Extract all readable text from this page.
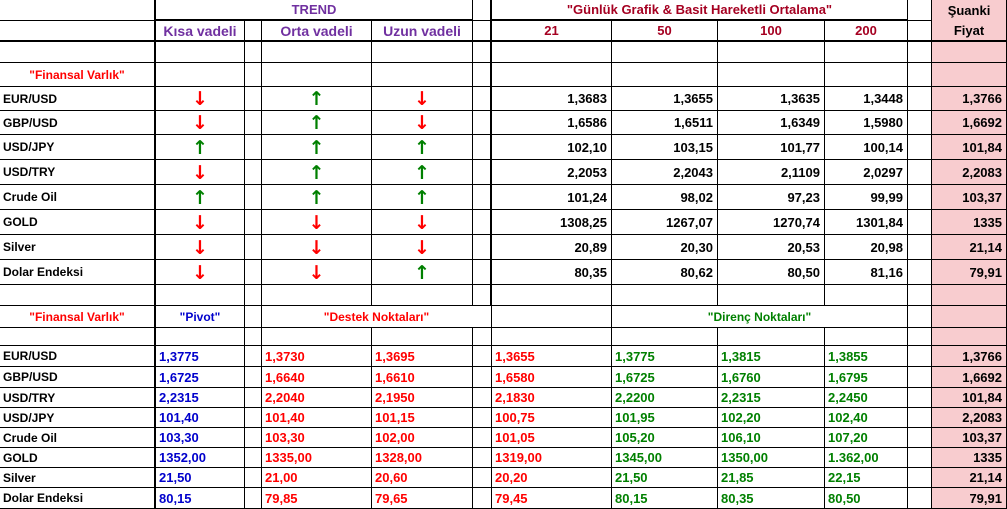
TREND	"Günlük Grafik & Basit Hareketli Ortalama"	Şuanki
Kısa vadeli	Orta vadeli	Uzun vadeli	21	50	100	200	Fiyat
"Finansal Varlık"
EUR/USD	↓	↑	↓	1,3683	1,3655	1,3635	1,3448	1,3766
GBP/USD	↓	↑	↓	1,6586	1,6511	1,6349	1,5980	1,6692
USD/JPY	↑	↑	↑	102,10	103,15	101,77	100,14	101,84
USD/TRY	↓	↑	↑	2,2053	2,2043	2,1109	2,0297	2,2083
Crude Oil	↑	↑	↑	101,24	98,02	97,23	99,99	103,37
GOLD	↓	↓	↓	1308,25	1267,07	1270,74	1301,84	1335
Silver	↓	↓	↓	20,89	20,30	20,53	20,98	21,14
Dolar Endeksi	↓	↓	↑	80,35	80,62	80,50	81,16	79,91
"Finansal Varlık"	"Pivot"	"Destek Noktaları"	"Direnç Noktaları"
EUR/USD	1,3775	1,3730	1,3695	1,3655	1,3775	1,3815	1,3855	1,3766
GBP/USD	1,6725	1,6640	1,6610	1,6580	1,6725	1,6760	1,6795	1,6692
USD/TRY	2,2315	2,2040	2,1950	2,1830	2,2200	2,2315	2,2450	101,84
USD/JPY	101,40	101,40	101,15	100,75	101,95	102,20	102,40	2,2083
Crude Oil	103,30	103,30	102,00	101,05	105,20	106,10	107,20	103,37
GOLD	1352,00	1335,00	1328,00	1319,00	1345,00	1350,00	1.362,00	1335
Silver	21,50	21,00	20,60	20,20	21,50	21,85	22,15	21,14
Dolar Endeksi	80,15	79,85	79,65	79,45	80,15	80,35	80,50	79,91
